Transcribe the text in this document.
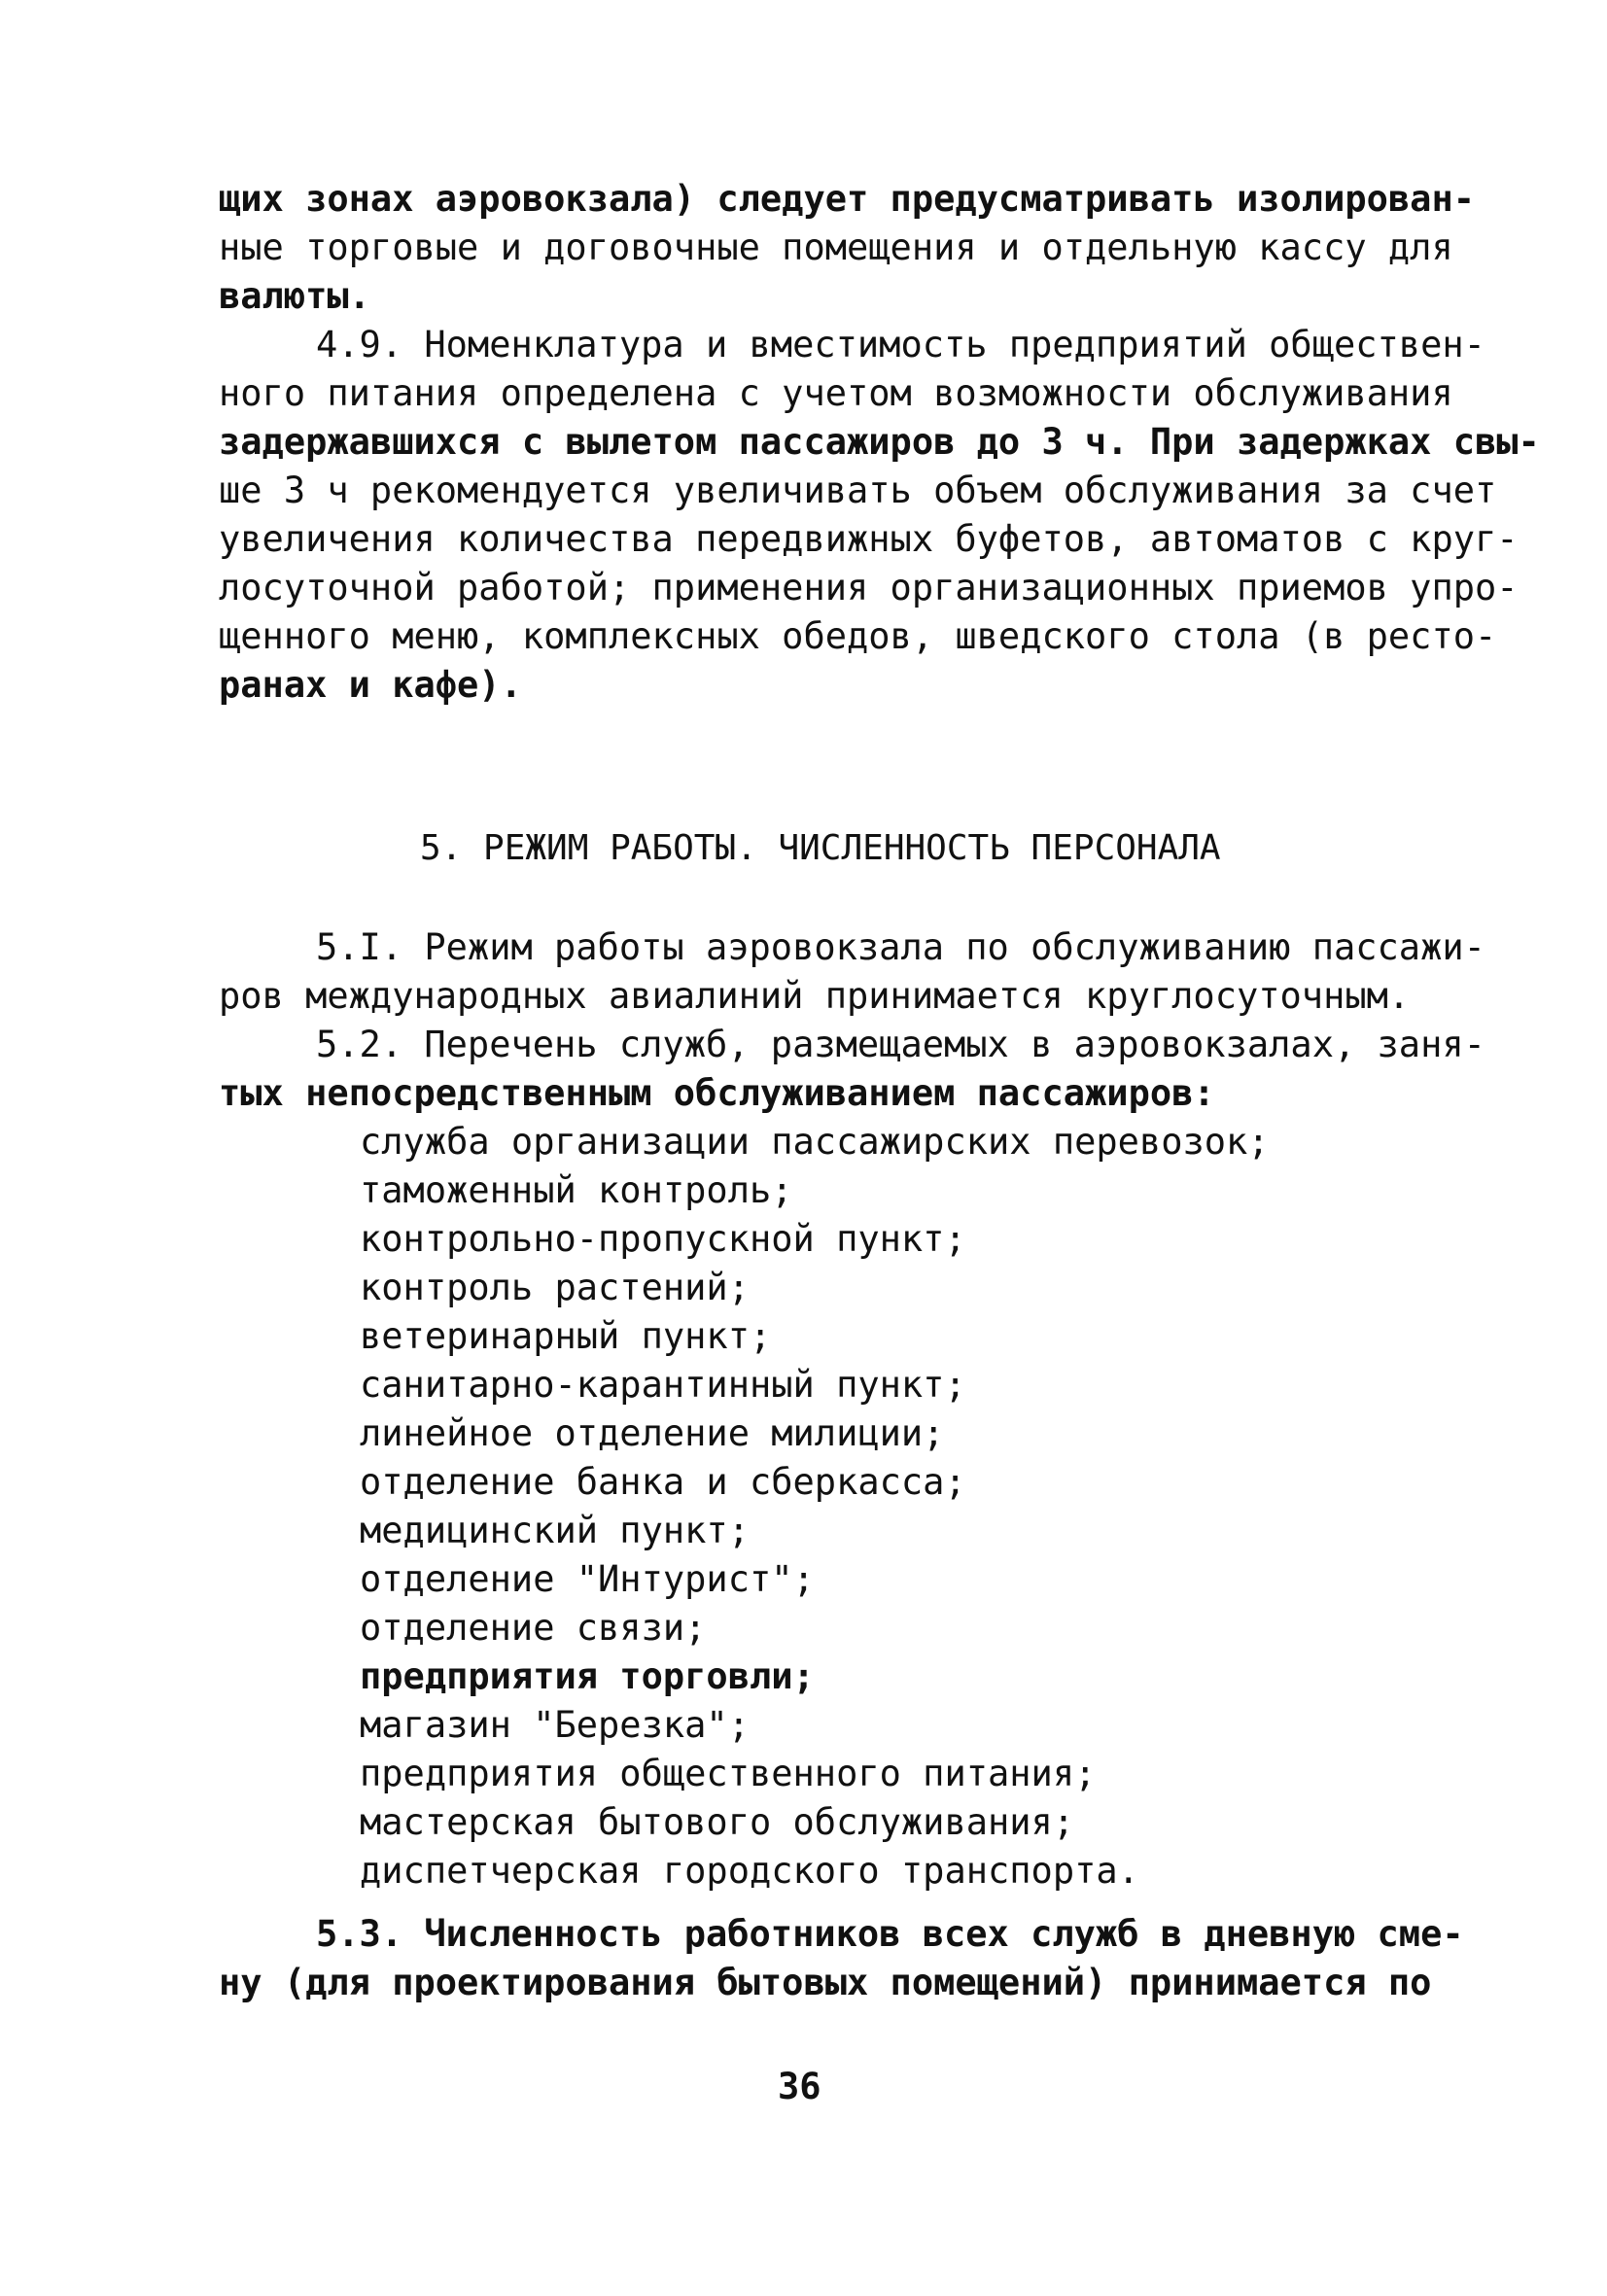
щих зонах аэровокзала) следует предусматривать изолирован-
ные торговые и договочные помещения и отдельную кассу для
валюты.
4.9. Номенклатура и вместимость предприятий обществен-
ного питания определена с учетом возможности обслуживания
задержавшихся с вылетом пассажиров до 3 ч. При задержках свы-
ше 3 ч рекомендуется увеличивать объем обслуживания за счет
увеличения количества передвижных буфетов, автоматов с круг-
лосуточной работой; применения организационных приемов упро-
щенного меню, комплексных обедов, шведского стола (в ресто-
ранах и кафе).
5. РЕЖИМ РАБОТЫ. ЧИСЛЕННОСТЬ ПЕРСОНАЛА
5.I. Режим работы аэровокзала по обслуживанию пассажи-
ров международных авиалиний принимается круглосуточным.
5.2. Перечень служб, размещаемых в аэровокзалах, заня-
тых непосредственным обслуживанием пассажиров:
служба организации пассажирских перевозок;
таможенный контроль;
контрольно-пропускной пункт;
контроль растений;
ветеринарный пункт;
санитарно-карантинный пункт;
линейное отделение милиции;
отделение банка и сберкасса;
медицинский пункт;
отделение "Интурист";
отделение связи;
предприятия торговли;
магазин "Березка";
предприятия общественного питания;
мастерская бытового обслуживания;
диспетчерская городского транспорта.
5.3. Численность работников всех служб в дневную сме-
ну (для проектирования бытовых помещений) принимается по
36
